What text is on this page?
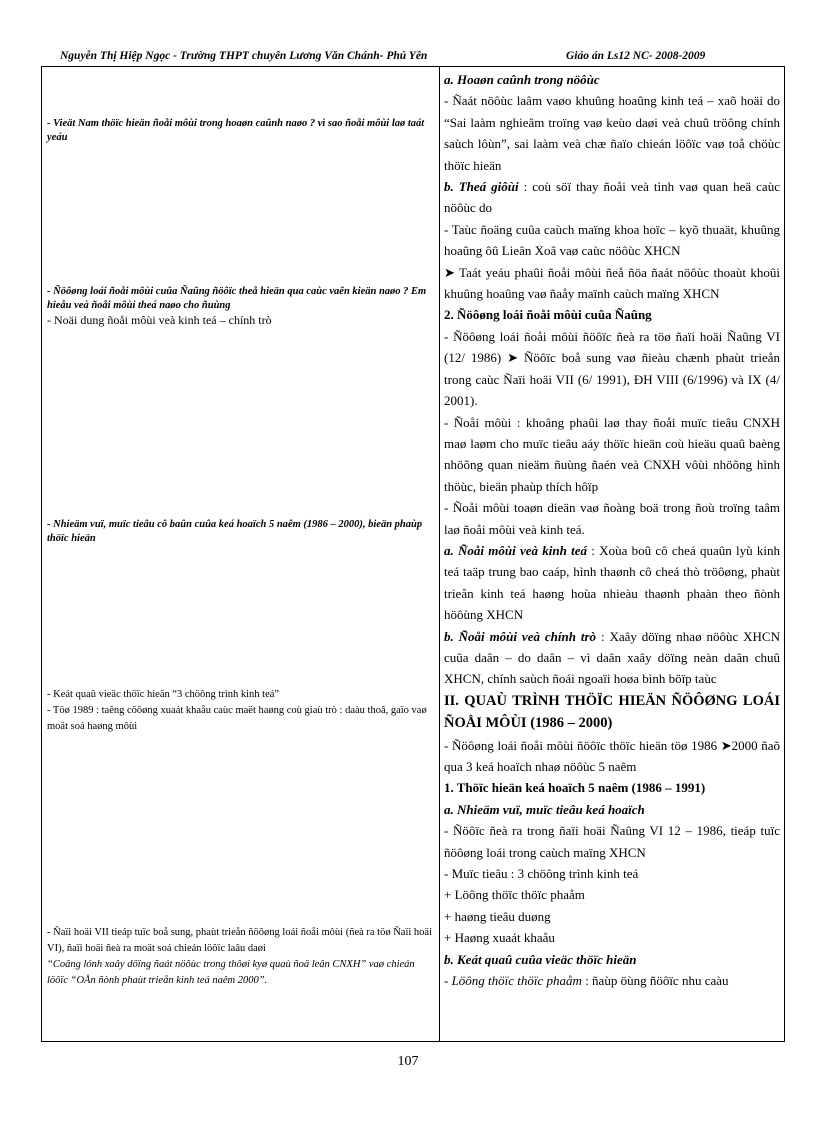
Nguyễn Thị Hiệp Ngọc - Trường THPT chuyên Lương Văn Chánh- Phú Yên	Giáo án Ls12 NC- 2008-2009
- Vieät Nam thöïc hieän ñoåi môùi trong hoaøn caûnh naøo ? vì sao ñoåi môùi laø taát yeáu
- Ñöôøng loái ñoåi môùi cuûa Ñaûng ñöôïc theå hieän qua caùc vaên kieän naøo ? Em hieåu veà ñoåi môùi theá naøo cho ñuùng
- Noäi dung ñoåi môùi veà kinh teá – chính trò
- Nhieäm vuï, muïc tieâu cô baûn cuûa keá hoaïch 5 naêm (1986 – 2000), bieän phaùp thöïc hieän
- Keát quaû vieäc thöïc hieän “3 chöông trình kinh teá”
- Töø 1989 : taêng cöôøng xuaát khaåu caùc maët haøng coù giaù trò : daàu thoâ, gaïo vaø moät soá haøng môùi
- Ñaïi hoäi VII tieáp tuïc boå sung, phaùt trieån ñöôøng loái ñoåi môùi (ñeà ra töø Ñaïi hoäi VI), ñaïi hoäi ñeà ra moät soá chieán löôïc laâu daøi
“Coâng lónh xaây döïng ñaát nöôùc trong thôøi kyø quaù ñoä leân CNXH” vaø chieán löôïc “OÅn ñònh phaùt trieån kinh teá naêm 2000”.

a. Hoaøn caûnh trong nöôùc

- Ñaát nöôùc laâm vaøo khuûng hoaûng kinh teá – xaõ hoäi do “Sai laàm nghieâm troïng vaø keùo daøi veà chuû tröông chính saùch lôùn”, sai laàm veà chæ ñaïo chieán löôïc vaø toå chöùc thöïc hieän

b. Theá giôùi : coù söï thay ñoåi veà tình vaø quan heä caùc nöôùc do

- Taùc ñoäng cuûa caùch maïng khoa hoïc – kyõ thuaät, khuûng hoaûng ôû Lieân Xoâ vaø caùc nöôùc XHCN

➤ Taát yeáu phaûi ñoåi môùi ñeå ñöa ñaát nöôùc thoaùt khoûi khuûng hoaûng vaø ñaåy maïnh caùch maïng XHCN

2. Ñöôøng loái ñoåi môùi cuûa Ñaûng

- Ñöôøng loái ñoåi môùi ñöôïc ñeà ra töø ñaïi hoäi Ñaûng VI (12/ 1986) ➤ Ñöôïc boå sung vaø ñieàu chænh phaùt trieån trong caùc Ñaïi hoäi VII (6/ 1991), ĐH VIII (6/1996) và IX (4/ 2001).

- Ñoåi môùi : khoâng phaûi laø thay ñoåi muïc tieâu CNXH maø laøm cho muïc tieâu aáy thöïc hieän coù hieäu quaû baèng nhöõng quan nieäm ñuùng ñaén veà CNXH vôùi nhöõng hình thöùc, bieän phaùp thích hôïp

- Ñoåi môùi toaøn dieän vaø ñoàng boä trong ñoù troïng taâm laø ñoåi môùi veà kinh teá.

a. Ñoåi môùi veà kinh teá : Xoùa boû cô cheá quaûn lyù kinh teá taäp trung bao caáp, hình thaønh cô cheá thò tröôøng, phaùt trieån kinh teá haøng hoùa nhieàu thaønh phaàn theo ñònh höôùng XHCN

b. Ñoåi môùi veà chính trò : Xaây döïng nhaø nöôùc XHCN cuûa daân – do daân – vì daân xaây döïng neàn daân chuû XHCN, chính saùch ñoái ngoaïi hoøa bình böïp taùc

II. QUAÙ TRÌNH THÖÏC HIEÄN ÑÖÔØNG LOÁI ÑOÅI MÔÙI (1986 – 2000)

- Ñöôøng loái ñoåi môùi ñöôïc thöïc hieän töø 1986 ➤2000 ñaõ qua 3 keá hoaïch nhaø nöôùc 5 naêm

1. Thöïc hieän keá hoaïch 5 naêm (1986 – 1991)

a. Nhieäm vuï, muïc tieâu keá hoaïch

- Ñöôïc ñeà ra trong ñaïi hoäi Ñaûng VI 12 – 1986, tieáp tuïc ñöôøng loái trong caùch maïng XHCN

- Muïc tieâu : 3 chöông trình kinh teá

+ Löông thöïc thöïc phaåm

+ haøng tieâu duøng

+ Haøng xuaát khaåu

b. Keát quaû cuûa vieäc thöïc hieän

- Löông thöïc thöïc phaåm : ñaùp öùng ñöôïc nhu caàu

107
